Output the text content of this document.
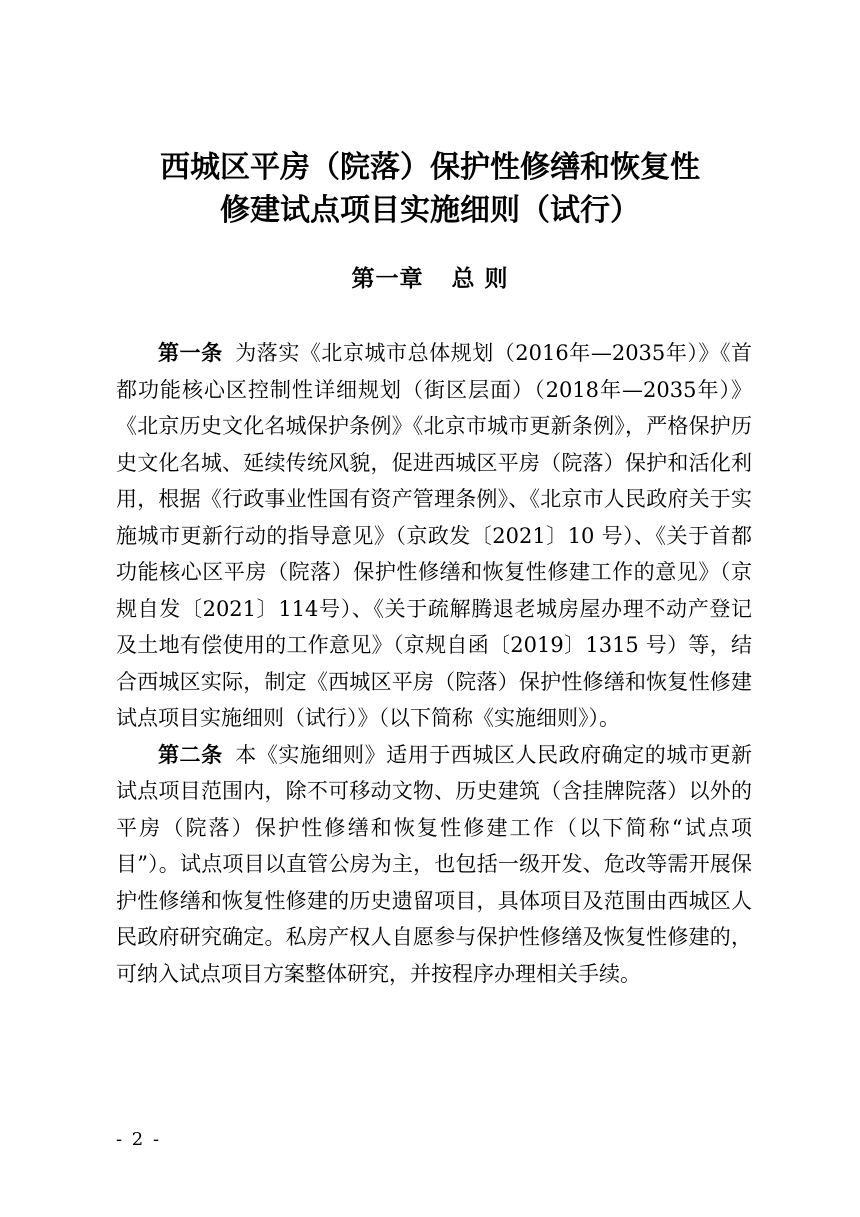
西城区平房（院落）保护性修缮和恢复性
修建试点项目实施细则（试行）
第一章 总 则

第一条 为落实《北京城市总体规划（2016年—2035年）》《首都功能核心区控制性详细规划（街区层面）（2018年—2035年）》《北京历史文化名城保护条例》《北京市城市更新条例》，严格保护历史文化名城、延续传统风貌，促进西城区平房（院落）保护和活化利用，根据《行政事业性国有资产管理条例》、《北京市人民政府关于实施城市更新行动的指导意见》（京政发〔2021〕10 号）、《关于首都功能核心区平房（院落）保护性修缮和恢复性修建工作的意见》（京规自发〔2021〕114号）、《关于疏解腾退老城房屋办理不动产登记及土地有偿使用的工作意见》（京规自函〔2019〕1315 号）等，结合西城区实际，制定《西城区平房（院落）保护性修缮和恢复性修建试点项目实施细则（试行）》（以下简称《实施细则》）。

第二条 本《实施细则》适用于西城区人民政府确定的城市更新试点项目范围内，除不可移动文物、历史建筑（含挂牌院落）以外的平房（院落）保护性修缮和恢复性修建工作（以下简称“试点项目”）。试点项目以直管公房为主，也包括一级开发、危改等需开展保护性修缮和恢复性修建的历史遗留项目，具体项目及范围由西城区人民政府研究确定。私房产权人自愿参与保护性修缮及恢复性修建的，可纳入试点项目方案整体研究，并按程序办理相关手续。

- 2 -
